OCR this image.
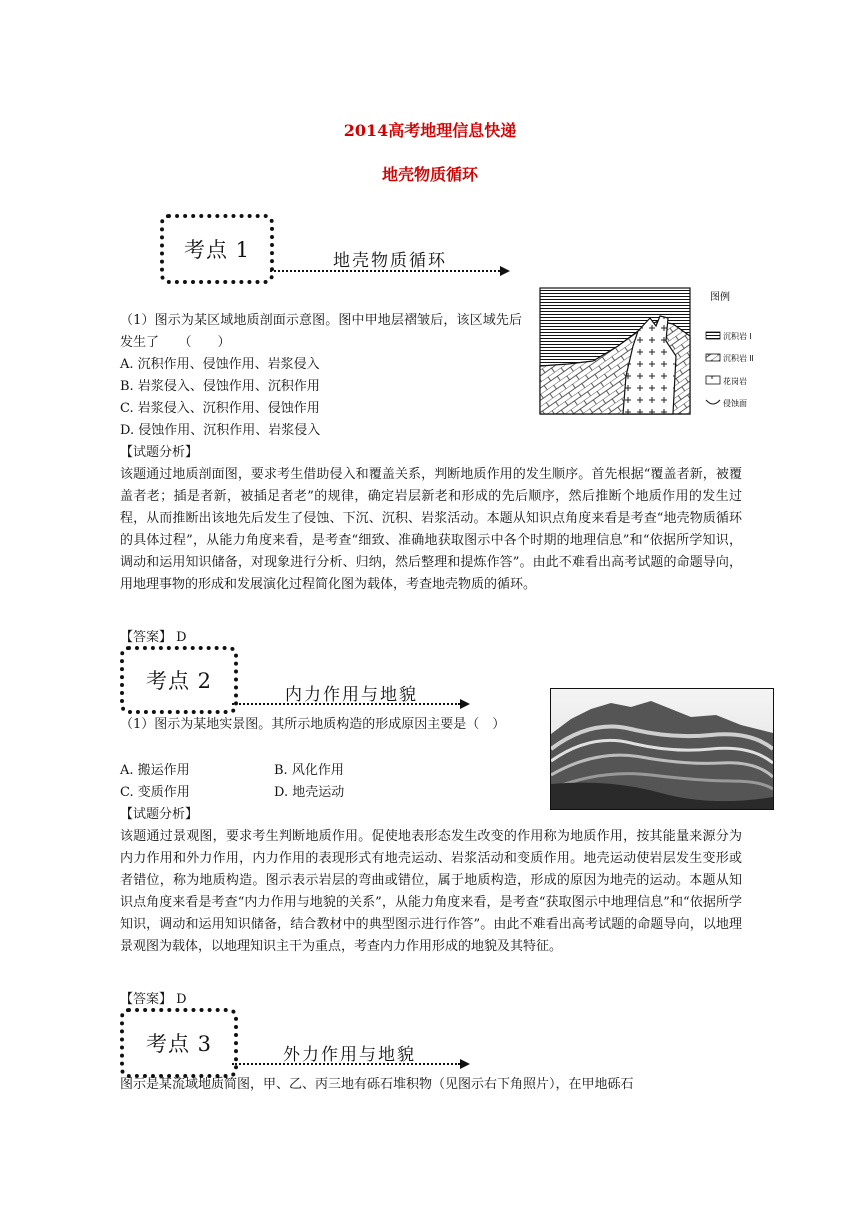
2014高考地理信息快递
地壳物质循环
考点 1	地壳物质循环
图例
沉积岩 I
沉积岩 II
花岗岩
侵蚀面
（1）图示为某区域地质剖面示意图。图中甲地层褶皱后，该区域先后发生了　　（　　）
A. 沉积作用、侵蚀作用、岩浆侵入
B. 岩浆侵入、侵蚀作用、沉积作用
C. 岩浆侵入、沉积作用、侵蚀作用
D. 侵蚀作用、沉积作用、岩浆侵入
【试题分析】
该题通过地质剖面图，要求考生借助侵入和覆盖关系，判断地质作用的发生顺序。首先根据“覆盖者新，被覆盖者老；插是者新，被插足者老”的规律，确定岩层新老和形成的先后顺序，然后推断个地质作用的发生过程，从而推断出该地先后发生了侵蚀、下沉、沉积、岩浆活动。本题从知识点角度来看是考查“地壳物质循环的具体过程”，从能力角度来看，是考查“细致、准确地获取图示中各个时期的地理信息”和“依据所学知识，调动和运用知识储备，对现象进行分析、归纳，然后整理和提炼作答”。由此不难看出高考试题的命题导向，用地理事物的形成和发展演化过程简化图为载体，考查地壳物质的循环。
【答案】 D
考点 2
内力作用与地貌
（1）图示为某地实景图。其所示地质构造的形成原因主要是（　）
A. 搬运作用	B. 风化作用
C. 变质作用	D. 地壳运动
【试题分析】
该题通过景观图，要求考生判断地质作用。促使地表形态发生改变的作用称为地质作用，按其能量来源分为内力作用和外力作用，内力作用的表现形式有地壳运动、岩浆活动和变质作用。地壳运动使岩层发生变形或者错位，称为地质构造。图示表示岩层的弯曲或错位，属于地质构造，形成的原因为地壳的运动。本题从知识点角度来看是考查“内力作用与地貌的关系”，从能力角度来看，是考查“获取图示中地理信息”和“依据所学知识，调动和运用知识储备，结合教材中的典型图示进行作答”。由此不难看出高考试题的命题导向，以地理景观图为载体，以地理知识主干为重点，考查内力作用形成的地貌及其特征。
【答案】 D
考点 3	外力作用与地貌
图示是某流域地质简图，甲、乙、丙三地有砾石堆积物（见图示右下角照片），在甲地砾石
